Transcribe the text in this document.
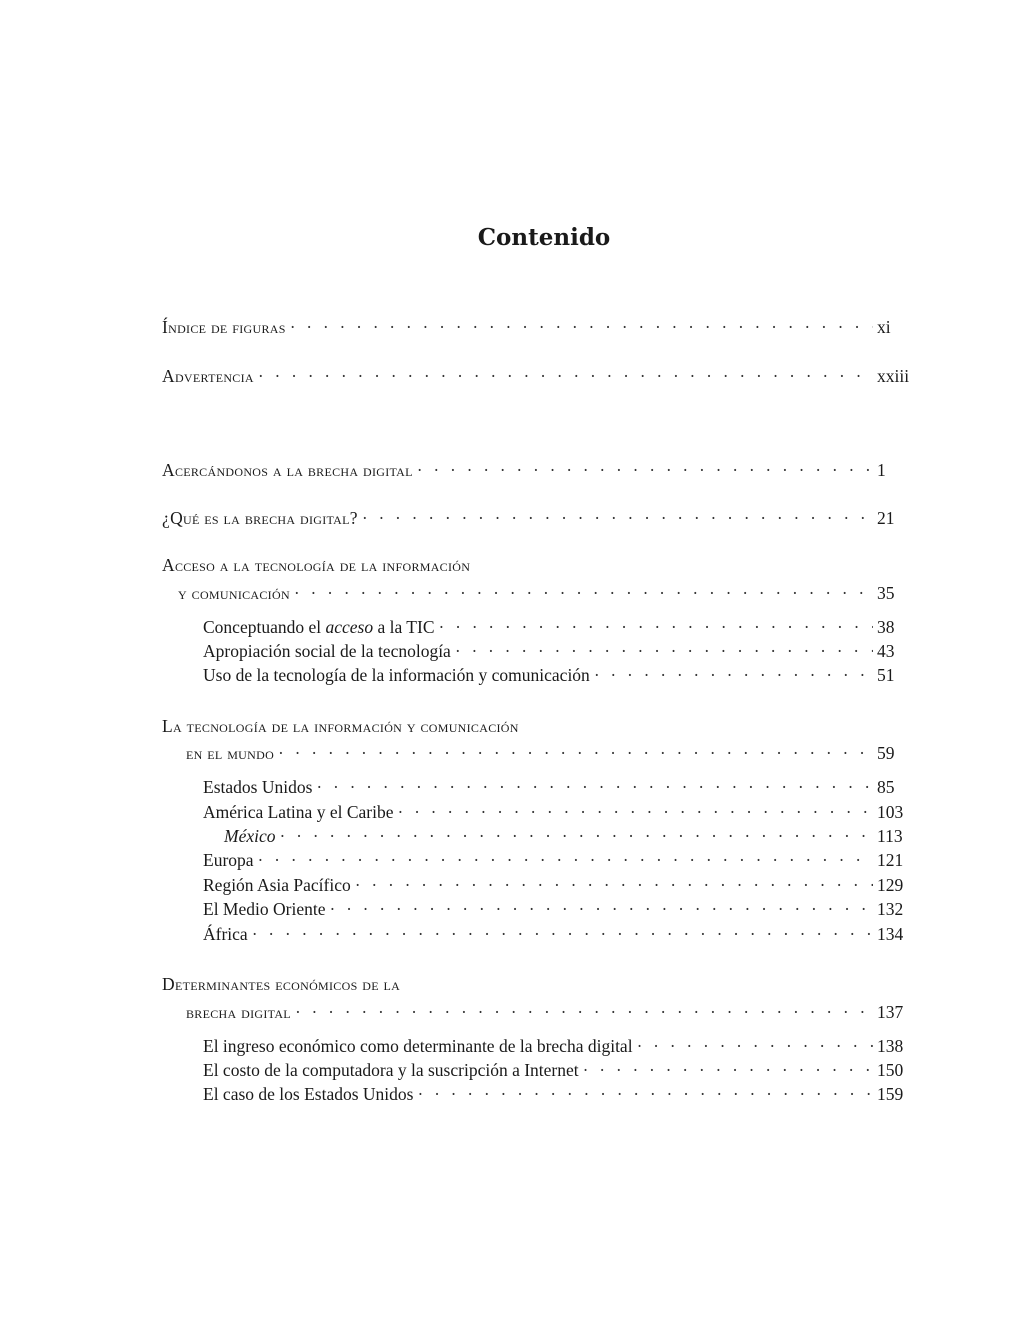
Contenido
Índice de figuras · · ·	xi
Advertencia · · ·	xxiii
Acercándonos a la brecha digital · · ·	1
¿Qué es la brecha digital? · · ·	21
Acceso a la tecnología de la información
y comunicación · · ·	35
Conceptuando el acceso a la TIC · · ·	38
Apropiación social de la tecnología · · ·	43
Uso de la tecnología de la información y comunicación · · ·	51
La tecnología de la información y comunicación
en el mundo · · ·	59
Estados Unidos · · ·	85
América Latina y el Caribe · · ·	103
México · · ·	113
Europa · · ·	121
Región Asia Pacífico · · ·	129
El Medio Oriente · · ·	132
África · · ·	134
Determinantes económicos de la
brecha digital · · ·	137
El ingreso económico como determinante de la brecha digital · · ·	138
El costo de la computadora y la suscripción a Internet · · ·	150
El caso de los Estados Unidos · · ·	159
